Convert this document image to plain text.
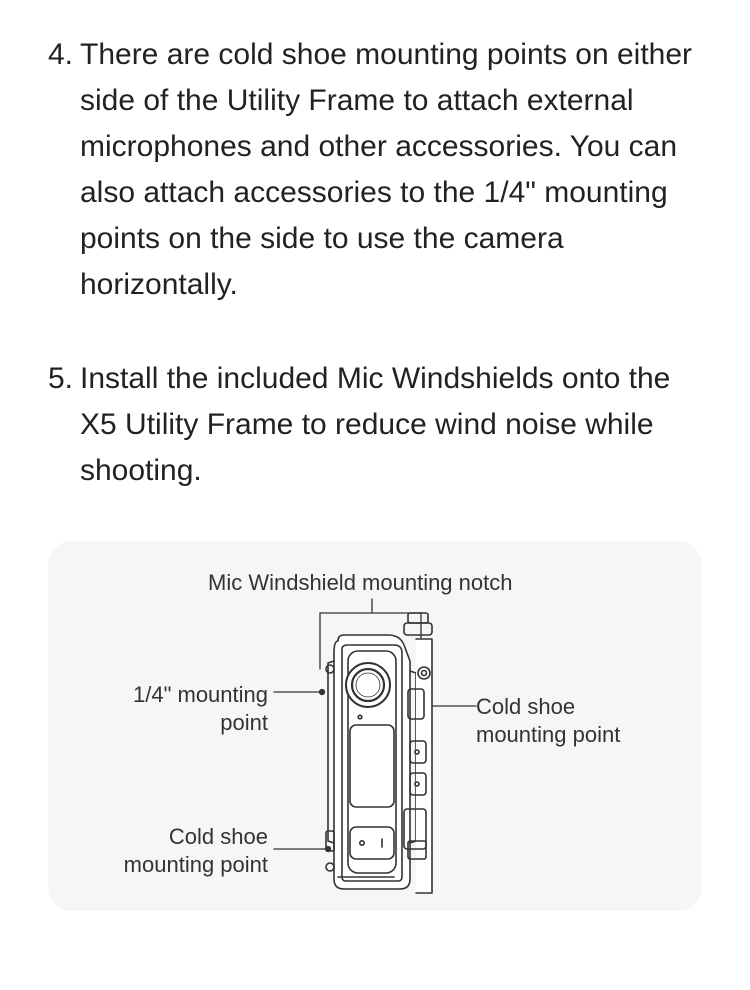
4. There are cold shoe mounting points on either side of the Utility Frame to attach external microphones and other accessories. You can also attach accessories to the 1/4" mounting points on the side to use the camera horizontally.
5. Install the included Mic Windshields onto the X5 Utility Frame to reduce wind noise while shooting.
Mic Windshield mounting notch
1/4" mounting
point
Cold shoe
mounting point
Cold shoe
mounting point
